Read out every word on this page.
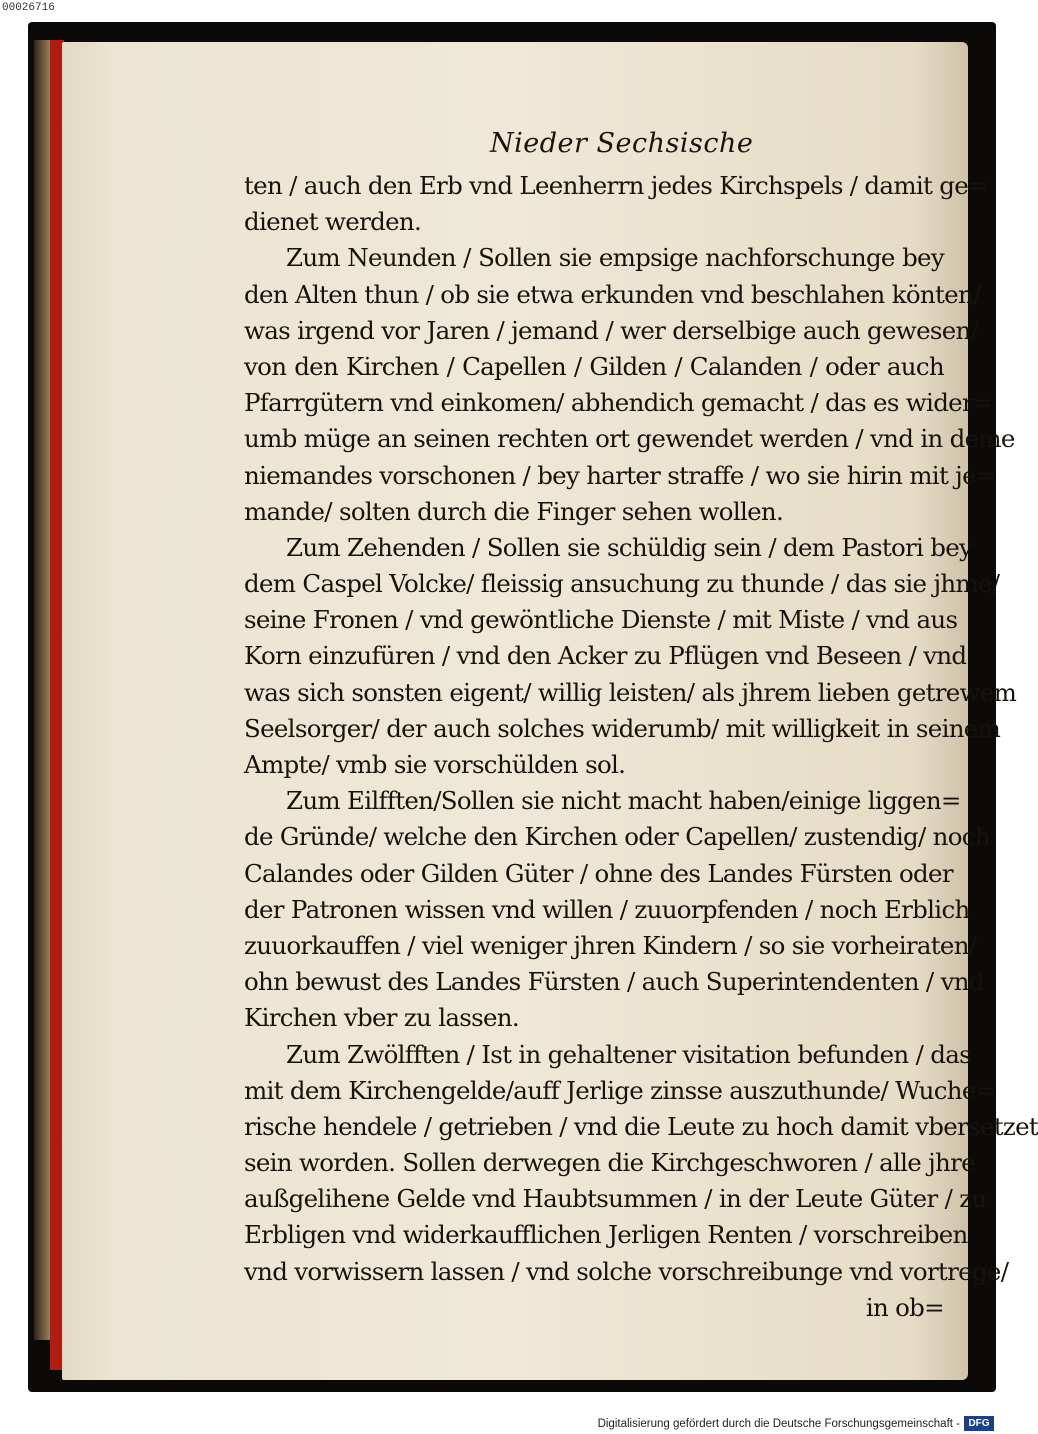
00026716
Nieder Sechsische
ten / auch den Erb vnd Leenherrn jedes Kirchspels / damit ge=
dienet werden.
Zum Neunden / Sollen sie empsige nachforschunge bey
den Alten thun / ob sie etwa erkunden vnd beschlahen könten/
was irgend vor Jaren / jemand / wer derselbige auch gewesen/
von den Kirchen / Capellen / Gilden / Calanden / oder auch
Pfarrgütern vnd einkomen/ abhendich gemacht / das es wider=
umb müge an seinen rechten ort gewendet werden / vnd in deme
niemandes vorschonen / bey harter straffe / wo sie hirin mit je=
mande/ solten durch die Finger sehen wollen.
Zum Zehenden / Sollen sie schüldig sein / dem Pastori bey
dem Caspel Volcke/ fleissig ansuchung zu thunde / das sie jhme/
seine Fronen / vnd gewöntliche Dienste / mit Miste / vnd aus
Korn einzufüren / vnd den Acker zu Pflügen vnd Beseen / vnd
was sich sonsten eigent/ willig leisten/ als jhrem lieben getrewem
Seelsorger/ der auch solches widerumb/ mit willigkeit in seinem
Ampte/ vmb sie vorschülden sol.
Zum Eilfften/Sollen sie nicht macht haben/einige liggen=
de Gründe/ welche den Kirchen oder Capellen/ zustendig/ noch
Calandes oder Gilden Güter / ohne des Landes Fürsten oder
der Patronen wissen vnd willen / zuuorpfenden / noch Erblich
zuuorkauffen / viel weniger jhren Kindern / so sie vorheiraten/
ohn bewust des Landes Fürsten / auch Superintendenten / vnd
Kirchen vber zu lassen.
Zum Zwölfften / Ist in gehaltener visitation befunden / das
mit dem Kirchengelde/auff Jerlige zinsse auszuthunde/ Wuche=
rische hendele / getrieben / vnd die Leute zu hoch damit vbersetzet
sein worden. Sollen derwegen die Kirchgeschworen / alle jhre
außgelihene Gelde vnd Haubtsummen / in der Leute Güter / zu
Erbligen vnd widerkaufflichen Jerligen Renten / vorschreiben
vnd vorwissern lassen / vnd solche vorschreibunge vnd vortrege/
in ob=
Digitalisierung gefördert durch die Deutsche Forschungsgemeinschaft - DFG
